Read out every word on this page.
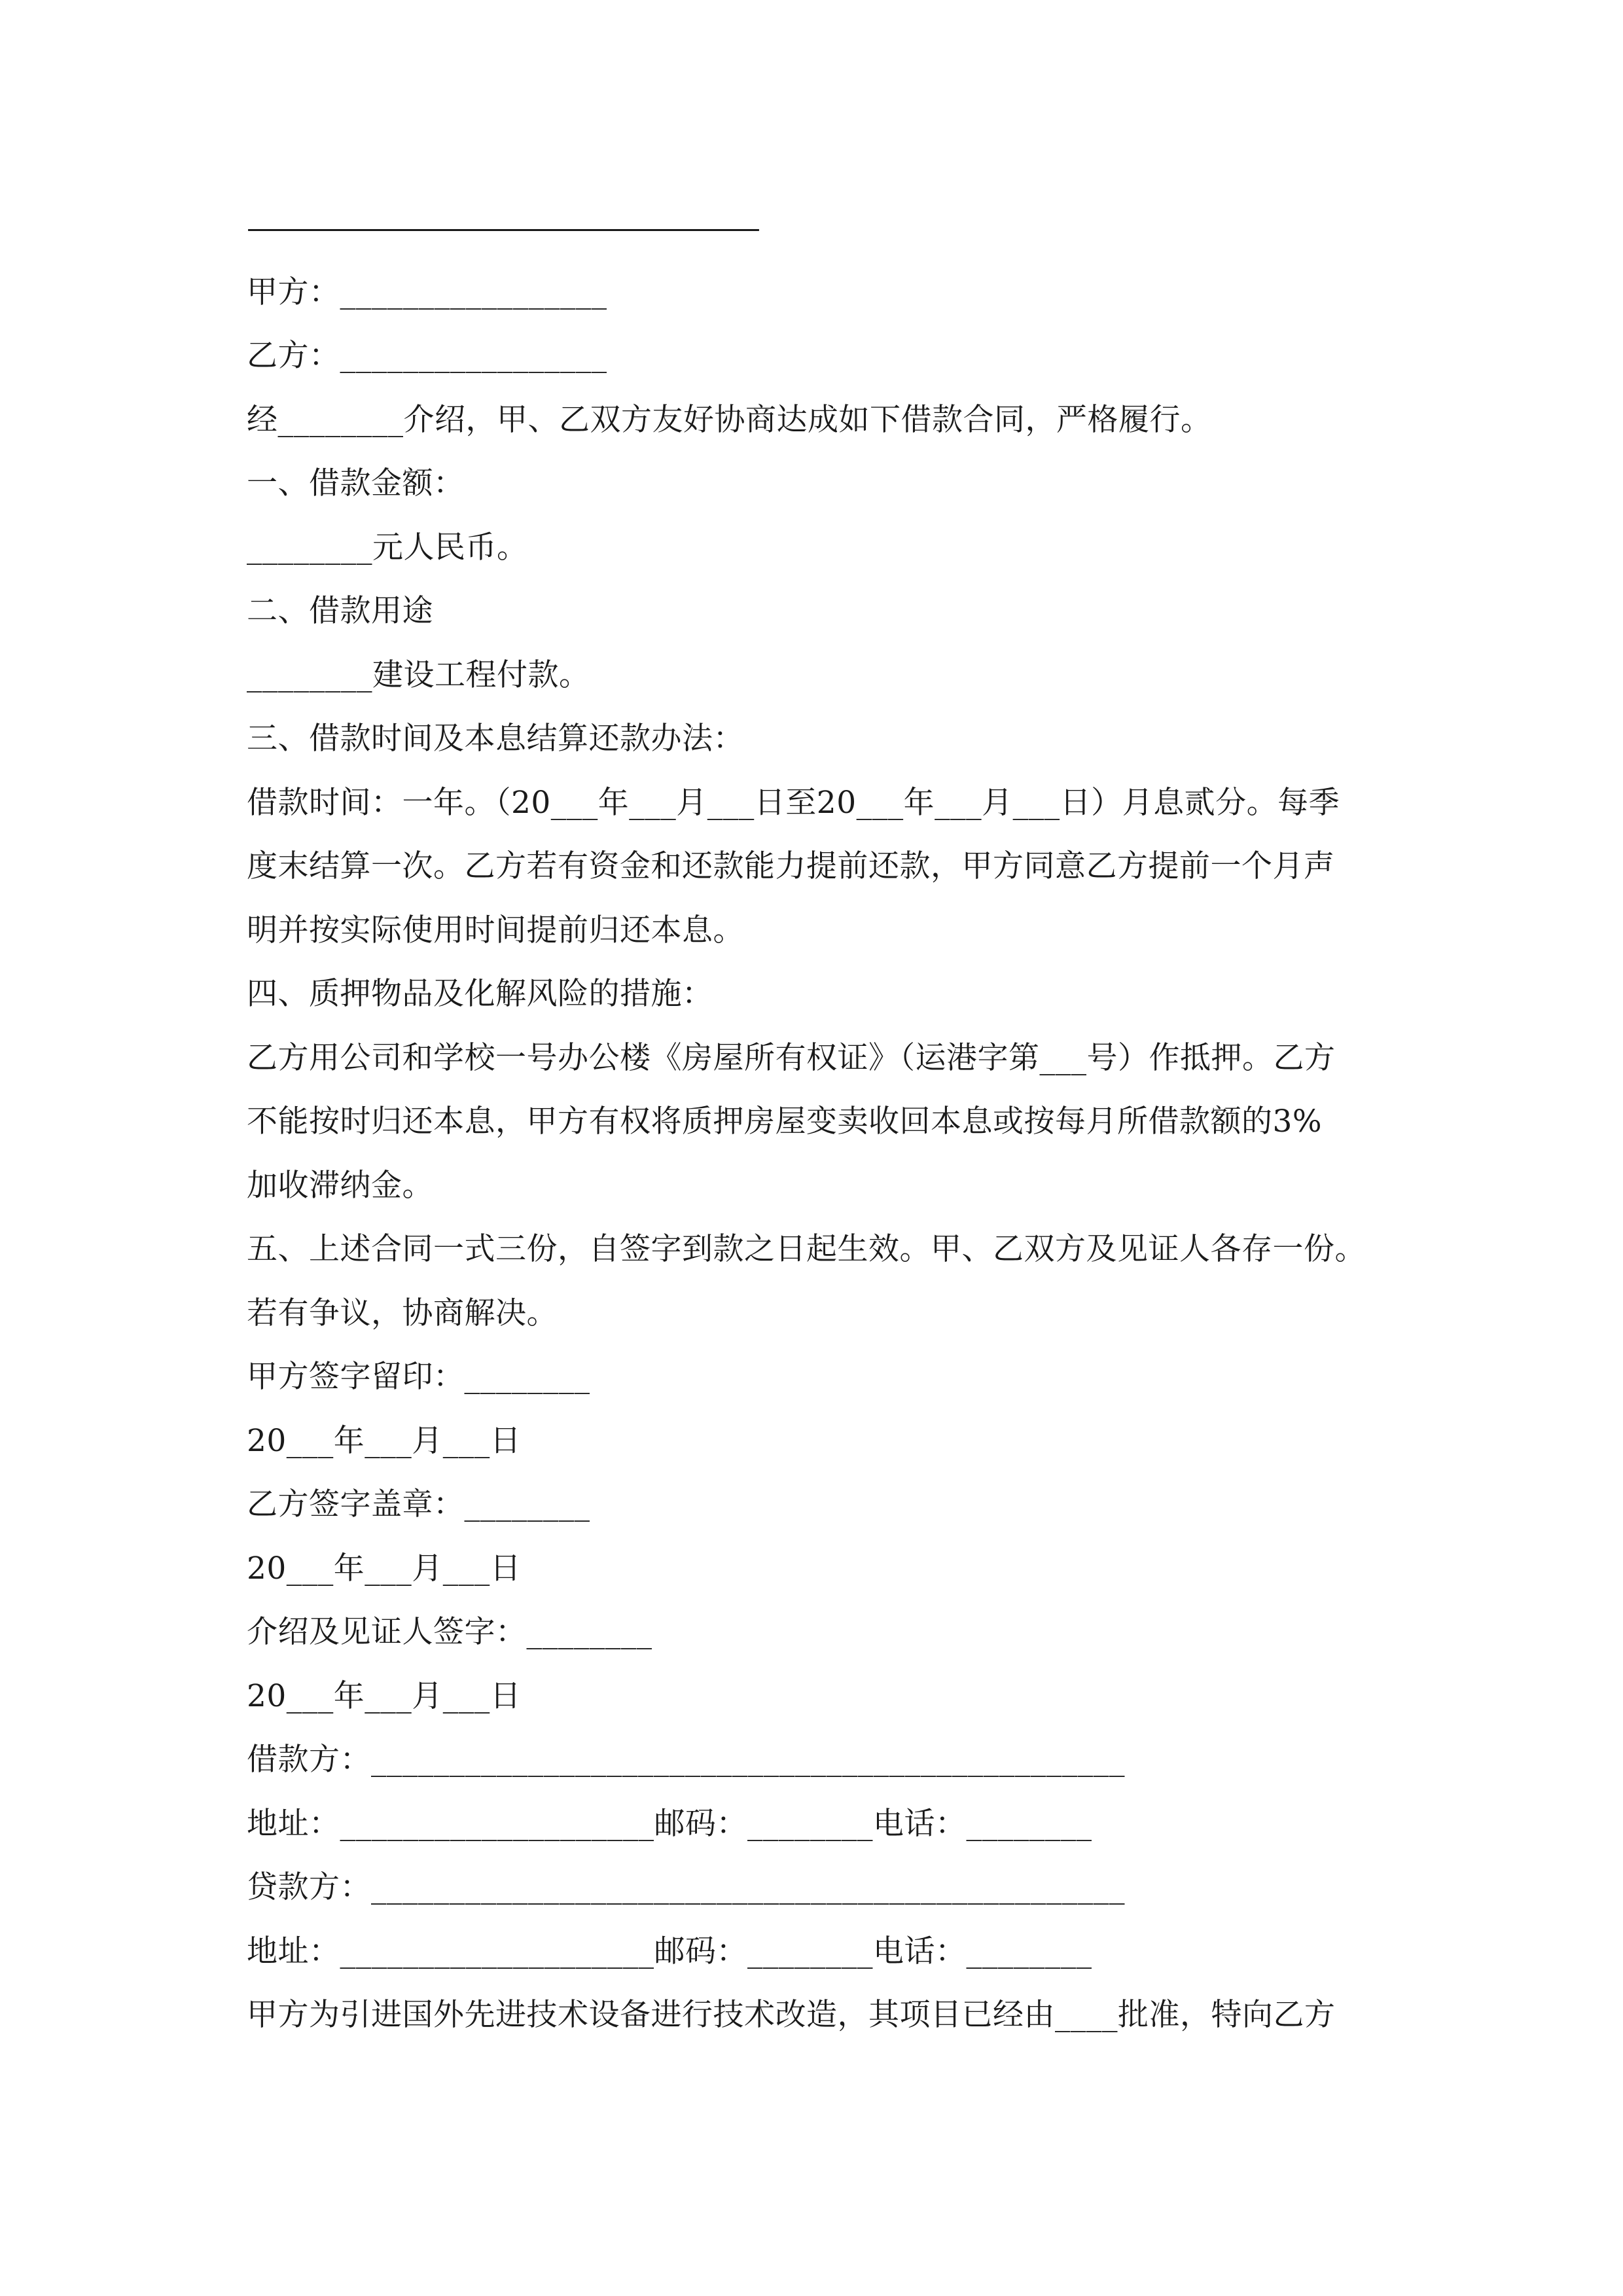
———————————————————
甲方：_________________
乙方：_________________
经________介绍，甲、乙双方友好协商达成如下借款合同，严格履行。
一、借款金额：
________元人民币。
二、借款用途
________建设工程付款。
三、借款时间及本息结算还款办法：
借款时间：一年。（20___年___月___日至20___年___月___日）月息贰分。每季
度末结算一次。乙方若有资金和还款能力提前还款，甲方同意乙方提前一个月声
明并按实际使用时间提前归还本息。
四、质押物品及化解风险的措施：
乙方用公司和学校一号办公楼《房屋所有权证》（运港字第___号）作抵押。乙方
不能按时归还本息，甲方有权将质押房屋变卖收回本息或按每月所借款额的3%
加收滞纳金。
五、上述合同一式三份，自签字到款之日起生效。甲、乙双方及见证人各存一份。
若有争议，协商解决。
甲方签字留印：________
20___年___月___日
乙方签字盖章：________
20___年___月___日
介绍及见证人签字：________
20___年___月___日
借款方：________________________________________________
地址：____________________邮码：________电话：________
贷款方：________________________________________________
地址：____________________邮码：________电话：________
甲方为引进国外先进技术设备进行技术改造，其项目已经由____批准，特向乙方
